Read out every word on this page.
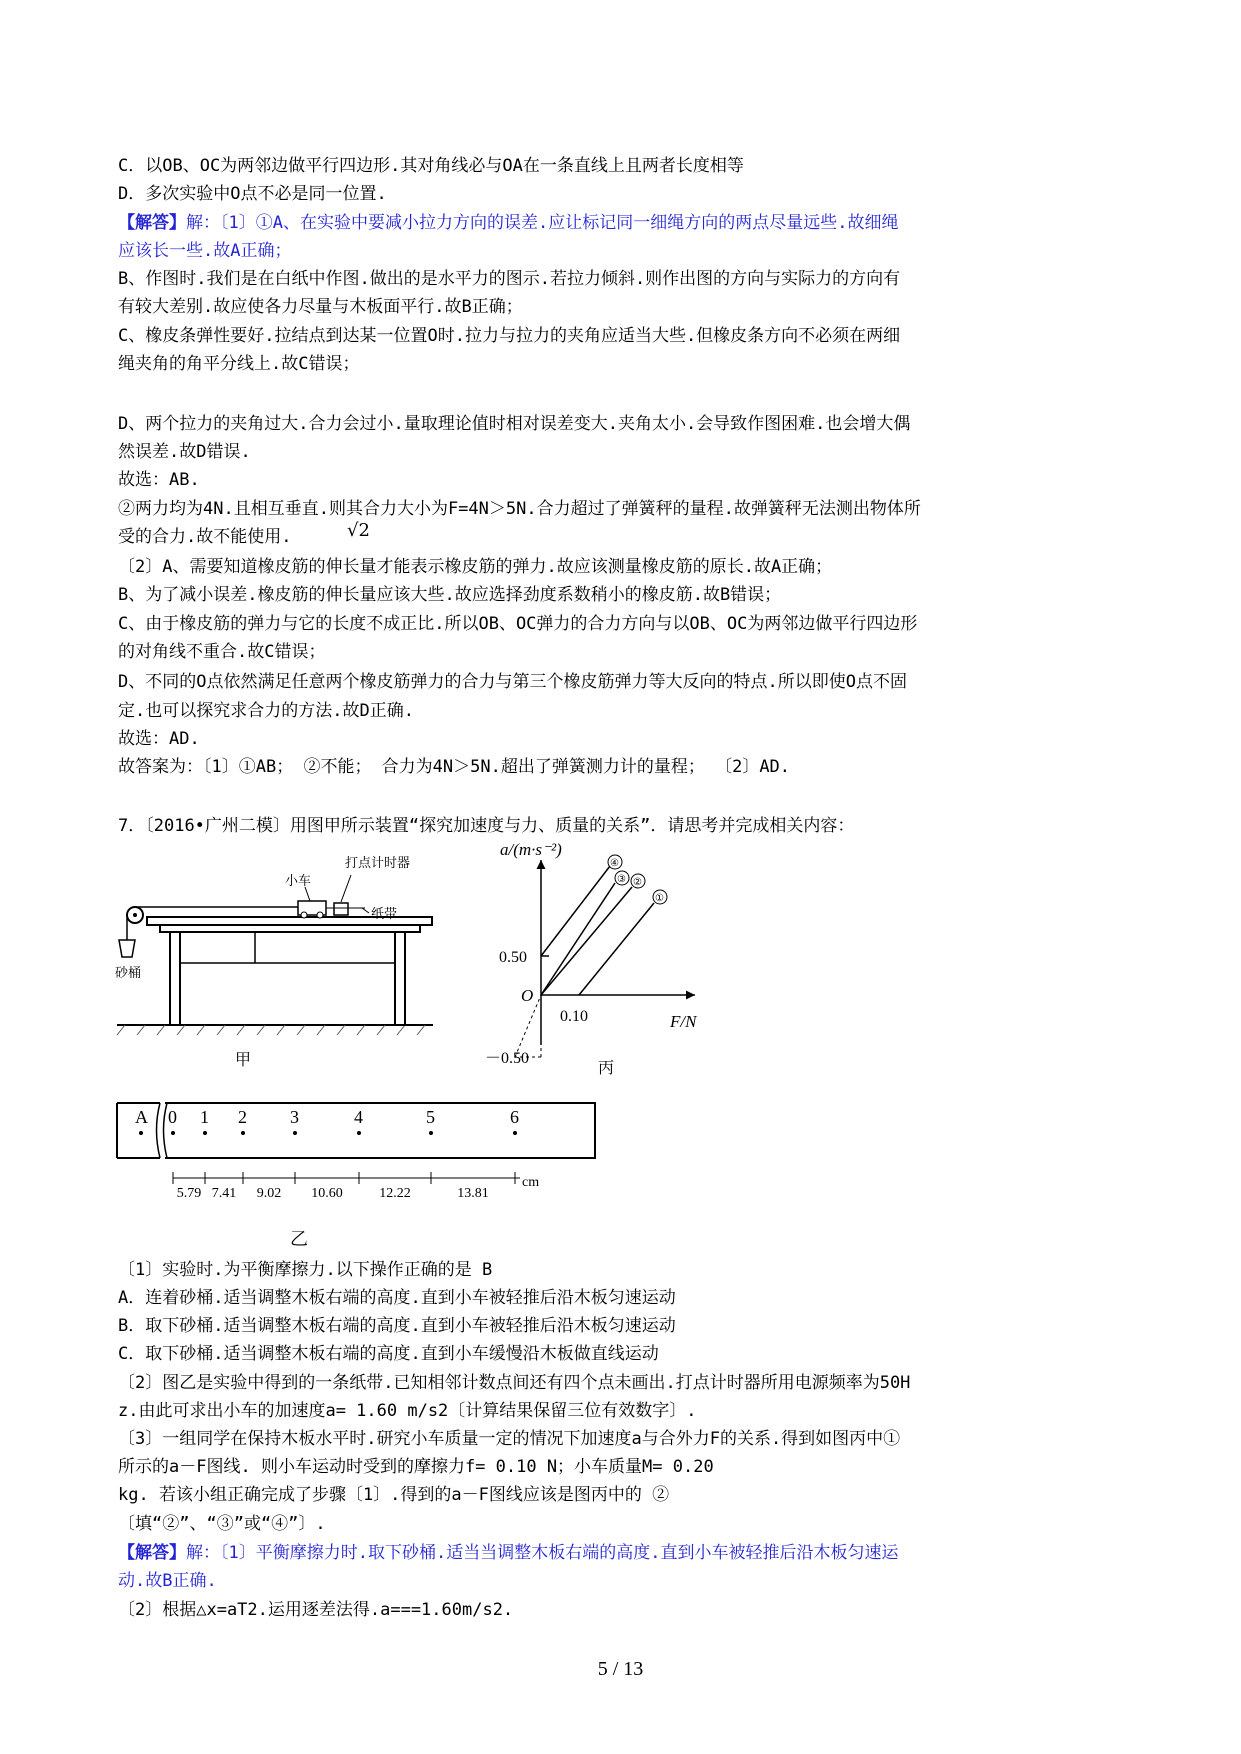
C．以OB、OC为两邻边做平行四边形.其对角线必与OA在一条直线上且两者长度相等
D．多次实验中O点不必是同一位置.
【解答】解：〔1〕①A、在实验中要减小拉力方向的误差.应让标记同一细绳方向的两点尽量远些.故细绳
应该长一些.故A正确；
B、作图时.我们是在白纸中作图.做出的是水平力的图示.若拉力倾斜.则作出图的方向与实际力的方向有
有较大差别.故应使各力尽量与木板面平行.故B正确；
C、橡皮条弹性要好.拉结点到达某一位置O时.拉力与拉力的夹角应适当大些.但橡皮条方向不必须在两细
绳夹角的角平分线上.故C错误；
D、两个拉力的夹角过大.合力会过小.量取理论值时相对误差变大.夹角太小.会导致作图困难.也会增大偶
然误差.故D错误.
故选：AB.
②两力均为4N.且相互垂直.则其合力大小为F=4N＞5N.合力超过了弹簧秤的量程.故弹簧秤无法测出物体所
受的合力.故不能使用.	√2
〔2〕A、需要知道橡皮筋的伸长量才能表示橡皮筋的弹力.故应该测量橡皮筋的原长.故A正确；
B、为了减小误差.橡皮筋的伸长量应该大些.故应选择劲度系数稍小的橡皮筋.故B错误；
C、由于橡皮筋的弹力与它的长度不成正比.所以OB、OC弹力的合力方向与以OB、OC为两邻边做平行四边形
的对角线不重合.故C错误；
D、不同的O点依然满足任意两个橡皮筋弹力的合力与第三个橡皮筋弹力等大反向的特点.所以即使O点不固
定.也可以探究求合力的方法.故D正确.
故选：AD.
故答案为：〔1〕①AB； ②不能； 合力为4N＞5N.超出了弹簧测力计的量程； 〔2〕AD.
7．〔2016•广州二模〕用图甲所示装置“探究加速度与力、质量的关系”．请思考并完成相关内容：
小车
打点计时器
纸带
砂桶
甲
④
③ ②
①
a/(m·s⁻²)
F/N
O
0.50
－0.50
0.10
丙
A 0 1 2 3	4	5	6
5.79 7.41 9.02 10.60	12.22	13.81
cm
乙
〔1〕实验时.为平衡摩擦力.以下操作正确的是 B
A．连着砂桶.适当调整木板右端的高度.直到小车被轻推后沿木板匀速运动
B．取下砂桶.适当调整木板右端的高度.直到小车被轻推后沿木板匀速运动
C．取下砂桶.适当调整木板右端的高度.直到小车缓慢沿木板做直线运动
〔2〕图乙是实验中得到的一条纸带.已知相邻计数点间还有四个点未画出.打点计时器所用电源频率为50H
z.由此可求出小车的加速度a= 1.60 m/s2〔计算结果保留三位有效数字〕.
〔3〕一组同学在保持木板水平时.研究小车质量一定的情况下加速度a与合外力F的关系.得到如图丙中①
所示的a－F图线. 则小车运动时受到的摩擦力f= 0.10 N；小车质量M= 0.20
kg. 若该小组正确完成了步骤〔1〕.得到的a－F图线应该是图丙中的 ②
〔填“②”、“③”或“④”〕.
【解答】解：〔1〕平衡摩擦力时.取下砂桶.适当当调整木板右端的高度.直到小车被轻推后沿木板匀速运
动.故B正确.
〔2〕根据△x=aT2.运用逐差法得.a===1.60m/s2.
5 / 13
